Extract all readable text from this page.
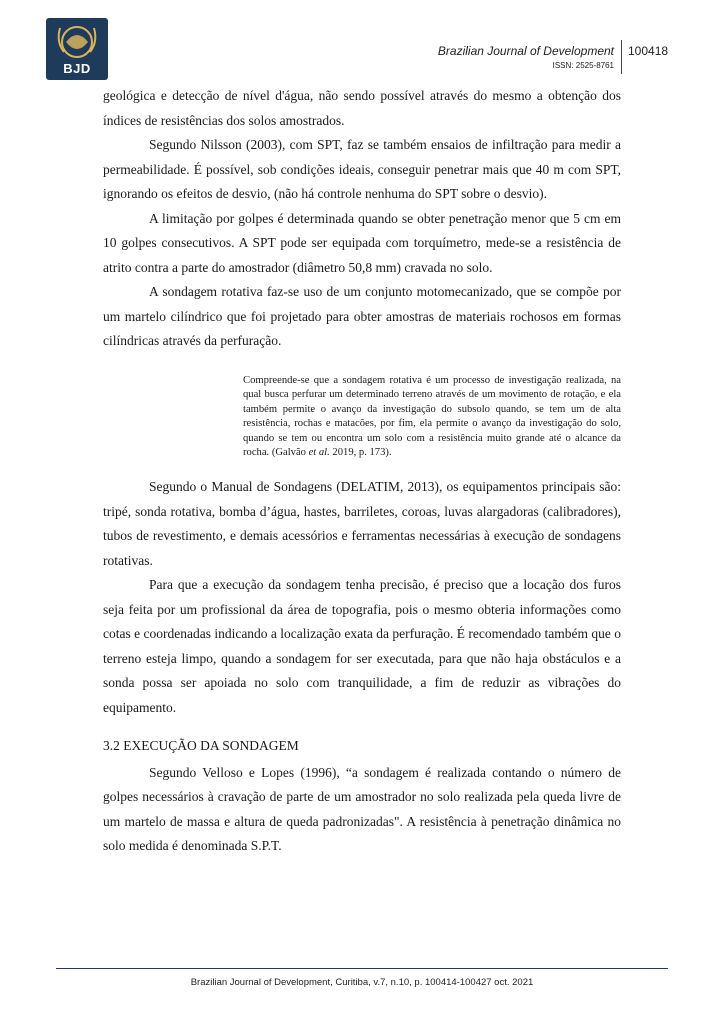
BJD
Brazilian Journal of Development
ISSN: 2525-8761
100418

geológica e detecção de nível d'água, não sendo possível através do mesmo a obtenção dos índices de resistências dos solos amostrados.

Segundo Nilsson (2003), com SPT, faz se também ensaios de infiltração para medir a permeabilidade. É possível, sob condições ideais, conseguir penetrar mais que 40 m com SPT, ignorando os efeitos de desvio, (não há controle nenhuma do SPT sobre o desvio).

A limitação por golpes é determinada quando se obter penetração menor que 5 cm em 10 golpes consecutivos. A SPT pode ser equipada com torquímetro, mede-se a resistência de atrito contra a parte do amostrador (diâmetro 50,8 mm) cravada no solo.

A sondagem rotativa faz-se uso de um conjunto motomecanizado, que se compõe por um martelo cilíndrico que foi projetado para obter amostras de materiais rochosos em formas cilíndricas através da perfuração.

Compreende-se que a sondagem rotativa é um processo de investigação realizada, na qual busca perfurar um determinado terreno através de um movimento de rotação, e ela também permite o avanço da investigação do subsolo quando, se tem um de alta resistência, rochas e matacões, por fim, ela permite o avanço da investigação do solo, quando se tem ou encontra um solo com a resistência muito grande até o alcance da rocha. (Galvão et al. 2019, p. 173).

Segundo o Manual de Sondagens (DELATIM, 2013), os equipamentos principais são: tripé, sonda rotativa, bomba d’água, hastes, barriletes, coroas, luvas alargadoras (calibradores), tubos de revestimento, e demais acessórios e ferramentas necessárias à execução de sondagens rotativas.

Para que a execução da sondagem tenha precisão, é preciso que a locação dos furos seja feita por um profissional da área de topografia, pois o mesmo obteria informações como cotas e coordenadas indicando a localização exata da perfuração. É recomendado também que o terreno esteja limpo, quando a sondagem for ser executada, para que não haja obstáculos e a sonda possa ser apoiada no solo com tranquilidade, a fim de reduzir as vibrações do equipamento.

3.2 EXECUÇÃO DA SONDAGEM

Segundo Velloso e Lopes (1996), “a sondagem é realizada contando o número de golpes necessários à cravação de parte de um amostrador no solo realizada pela queda livre de um martelo de massa e altura de queda padronizadas". A resistência à penetração dinâmica no solo medida é denominada S.P.T.

Brazilian Journal of Development, Curitiba, v.7, n.10, p. 100414-100427 oct. 2021
